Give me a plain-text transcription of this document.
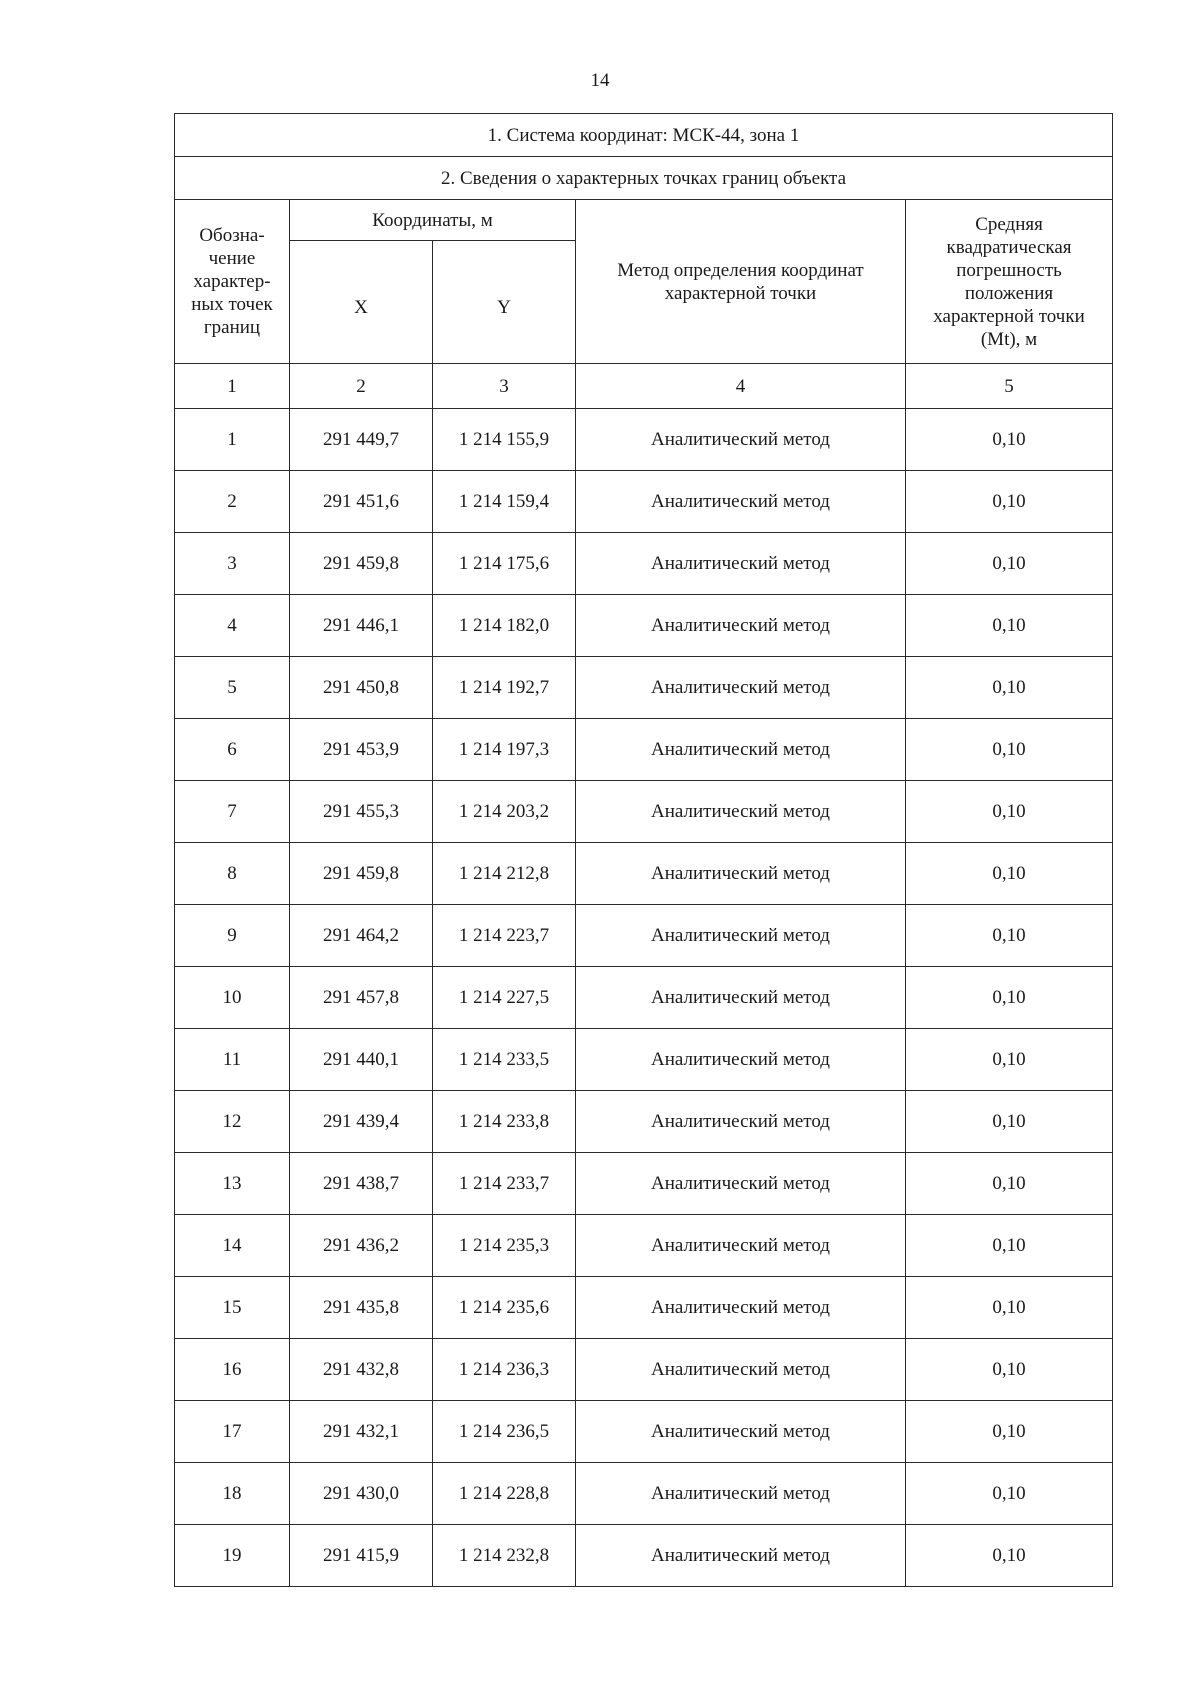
14
1. Система координат: МСК-44, зона 1				
2. Сведения о характерных точках границ объекта				
Обозна-
чение
характер-
ных точек
границ	Координаты, м		Метод определения координат характерной точки	Средняя квадратическая погрешность положения характерной точки (Mt), м
	X	Y		
1	2	3	4	5
1	291 449,7	1 214 155,9	Аналитический метод	0,10
2	291 451,6	1 214 159,4	Аналитический метод	0,10
3	291 459,8	1 214 175,6	Аналитический метод	0,10
4	291 446,1	1 214 182,0	Аналитический метод	0,10
5	291 450,8	1 214 192,7	Аналитический метод	0,10
6	291 453,9	1 214 197,3	Аналитический метод	0,10
7	291 455,3	1 214 203,2	Аналитический метод	0,10
8	291 459,8	1 214 212,8	Аналитический метод	0,10
9	291 464,2	1 214 223,7	Аналитический метод	0,10
10	291 457,8	1 214 227,5	Аналитический метод	0,10
11	291 440,1	1 214 233,5	Аналитический метод	0,10
12	291 439,4	1 214 233,8	Аналитический метод	0,10
13	291 438,7	1 214 233,7	Аналитический метод	0,10
14	291 436,2	1 214 235,3	Аналитический метод	0,10
15	291 435,8	1 214 235,6	Аналитический метод	0,10
16	291 432,8	1 214 236,3	Аналитический метод	0,10
17	291 432,1	1 214 236,5	Аналитический метод	0,10
18	291 430,0	1 214 228,8	Аналитический метод	0,10
19	291 415,9	1 214 232,8	Аналитический метод	0,10
